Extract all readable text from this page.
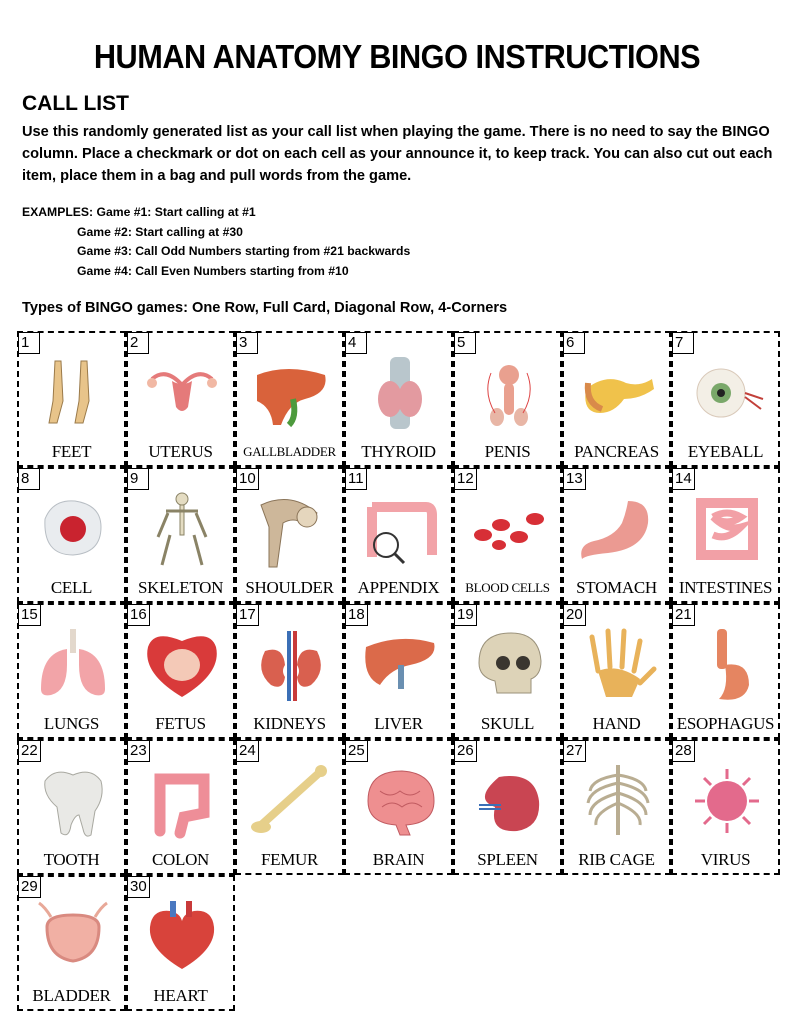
HUMAN ANATOMY BINGO INSTRUCTIONS
CALL LIST
Use this randomly generated list as your call list when playing the game. There is no need to say the BINGO column. Place a checkmark or dot on each cell as your announce it, to keep track. You can also cut out each item, place them in a bag and pull words from the game.
EXAMPLES: Game #1: Start calling at #1
Game #2: Start calling at #30
Game #3: Call Odd Numbers starting from #21 backwards
Game #4: Call Even Numbers starting from #10
Types of BINGO games: One Row, Full Card, Diagonal Row, 4-Corners
1
FEET
2
UTERUS
3
GALLBLADDER
4
THYROID
5
PENIS
6
PANCREAS
7
EYEBALL
8
CELL
9
SKELETON
10
SHOULDER
11
APPENDIX
12
BLOOD CELLS
13
STOMACH
14
INTESTINES
15
LUNGS
16
FETUS
17
KIDNEYS
18
LIVER
19
SKULL
20
HAND
21
ESOPHAGUS
22
TOOTH
23
COLON
24
FEMUR
25
BRAIN
26
SPLEEN
27
RIB CAGE
28
VIRUS
29
BLADDER
30
HEART
